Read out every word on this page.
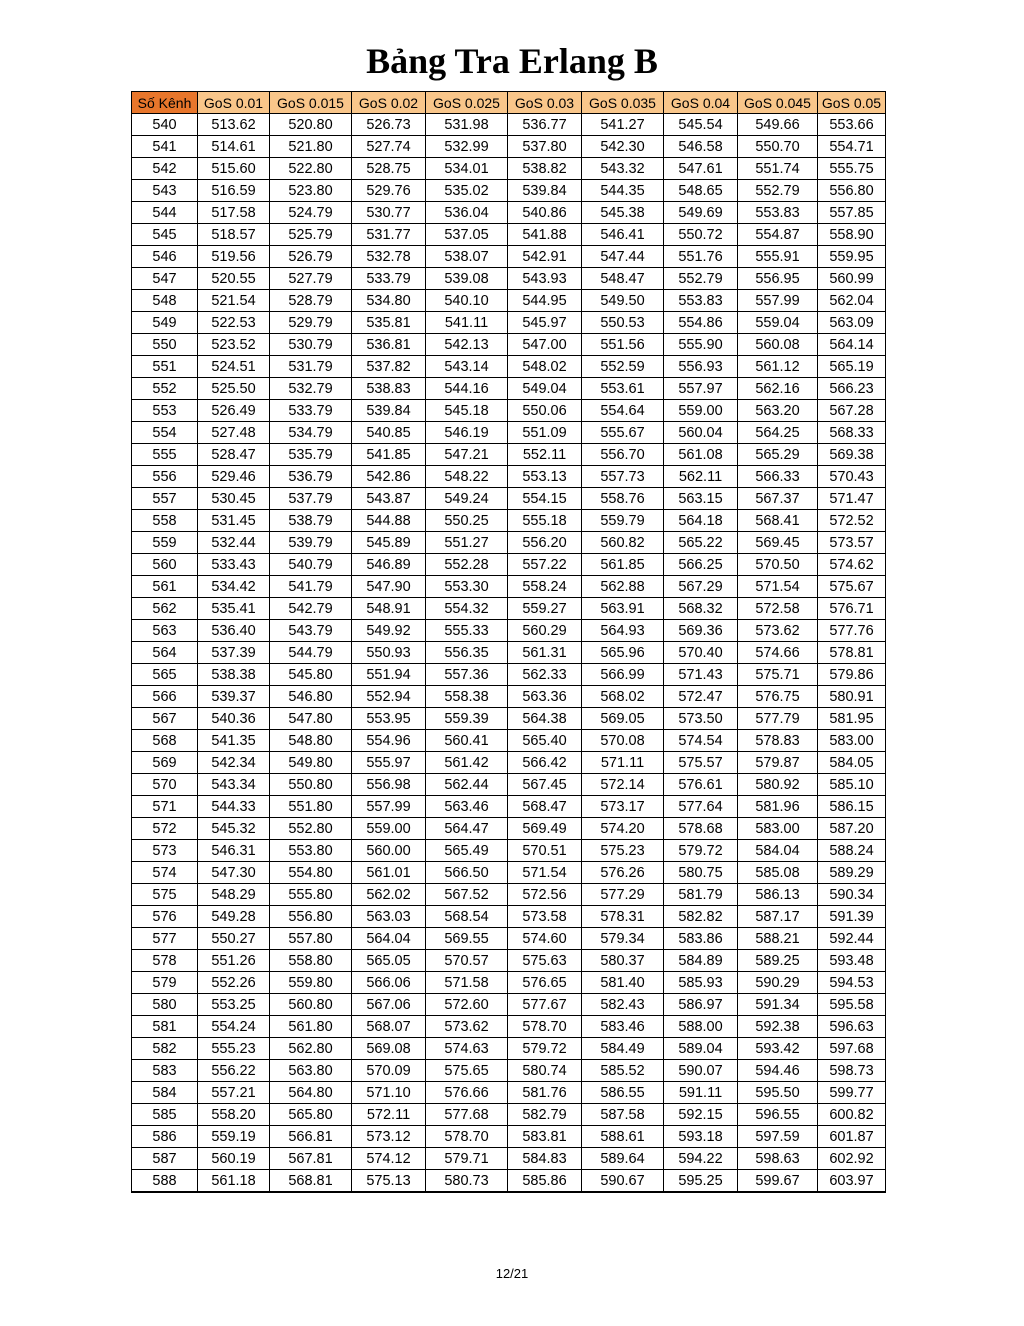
Bảng Tra Erlang B
Số Kênh	GoS 0.01	GoS 0.015	GoS 0.02	GoS 0.025	GoS 0.03	GoS 0.035	GoS 0.04	GoS 0.045	GoS 0.05
540	513.62	520.80	526.73	531.98	536.77	541.27	545.54	549.66	553.66
541	514.61	521.80	527.74	532.99	537.80	542.30	546.58	550.70	554.71
542	515.60	522.80	528.75	534.01	538.82	543.32	547.61	551.74	555.75
543	516.59	523.80	529.76	535.02	539.84	544.35	548.65	552.79	556.80
544	517.58	524.79	530.77	536.04	540.86	545.38	549.69	553.83	557.85
545	518.57	525.79	531.77	537.05	541.88	546.41	550.72	554.87	558.90
546	519.56	526.79	532.78	538.07	542.91	547.44	551.76	555.91	559.95
547	520.55	527.79	533.79	539.08	543.93	548.47	552.79	556.95	560.99
548	521.54	528.79	534.80	540.10	544.95	549.50	553.83	557.99	562.04
549	522.53	529.79	535.81	541.11	545.97	550.53	554.86	559.04	563.09
550	523.52	530.79	536.81	542.13	547.00	551.56	555.90	560.08	564.14
551	524.51	531.79	537.82	543.14	548.02	552.59	556.93	561.12	565.19
552	525.50	532.79	538.83	544.16	549.04	553.61	557.97	562.16	566.23
553	526.49	533.79	539.84	545.18	550.06	554.64	559.00	563.20	567.28
554	527.48	534.79	540.85	546.19	551.09	555.67	560.04	564.25	568.33
555	528.47	535.79	541.85	547.21	552.11	556.70	561.08	565.29	569.38
556	529.46	536.79	542.86	548.22	553.13	557.73	562.11	566.33	570.43
557	530.45	537.79	543.87	549.24	554.15	558.76	563.15	567.37	571.47
558	531.45	538.79	544.88	550.25	555.18	559.79	564.18	568.41	572.52
559	532.44	539.79	545.89	551.27	556.20	560.82	565.22	569.45	573.57
560	533.43	540.79	546.89	552.28	557.22	561.85	566.25	570.50	574.62
561	534.42	541.79	547.90	553.30	558.24	562.88	567.29	571.54	575.67
562	535.41	542.79	548.91	554.32	559.27	563.91	568.32	572.58	576.71
563	536.40	543.79	549.92	555.33	560.29	564.93	569.36	573.62	577.76
564	537.39	544.79	550.93	556.35	561.31	565.96	570.40	574.66	578.81
565	538.38	545.80	551.94	557.36	562.33	566.99	571.43	575.71	579.86
566	539.37	546.80	552.94	558.38	563.36	568.02	572.47	576.75	580.91
567	540.36	547.80	553.95	559.39	564.38	569.05	573.50	577.79	581.95
568	541.35	548.80	554.96	560.41	565.40	570.08	574.54	578.83	583.00
569	542.34	549.80	555.97	561.42	566.42	571.11	575.57	579.87	584.05
570	543.34	550.80	556.98	562.44	567.45	572.14	576.61	580.92	585.10
571	544.33	551.80	557.99	563.46	568.47	573.17	577.64	581.96	586.15
572	545.32	552.80	559.00	564.47	569.49	574.20	578.68	583.00	587.20
573	546.31	553.80	560.00	565.49	570.51	575.23	579.72	584.04	588.24
574	547.30	554.80	561.01	566.50	571.54	576.26	580.75	585.08	589.29
575	548.29	555.80	562.02	567.52	572.56	577.29	581.79	586.13	590.34
576	549.28	556.80	563.03	568.54	573.58	578.31	582.82	587.17	591.39
577	550.27	557.80	564.04	569.55	574.60	579.34	583.86	588.21	592.44
578	551.26	558.80	565.05	570.57	575.63	580.37	584.89	589.25	593.48
579	552.26	559.80	566.06	571.58	576.65	581.40	585.93	590.29	594.53
580	553.25	560.80	567.06	572.60	577.67	582.43	586.97	591.34	595.58
581	554.24	561.80	568.07	573.62	578.70	583.46	588.00	592.38	596.63
582	555.23	562.80	569.08	574.63	579.72	584.49	589.04	593.42	597.68
583	556.22	563.80	570.09	575.65	580.74	585.52	590.07	594.46	598.73
584	557.21	564.80	571.10	576.66	581.76	586.55	591.11	595.50	599.77
585	558.20	565.80	572.11	577.68	582.79	587.58	592.15	596.55	600.82
586	559.19	566.81	573.12	578.70	583.81	588.61	593.18	597.59	601.87
587	560.19	567.81	574.12	579.71	584.83	589.64	594.22	598.63	602.92
588	561.18	568.81	575.13	580.73	585.86	590.67	595.25	599.67	603.97
12/21
